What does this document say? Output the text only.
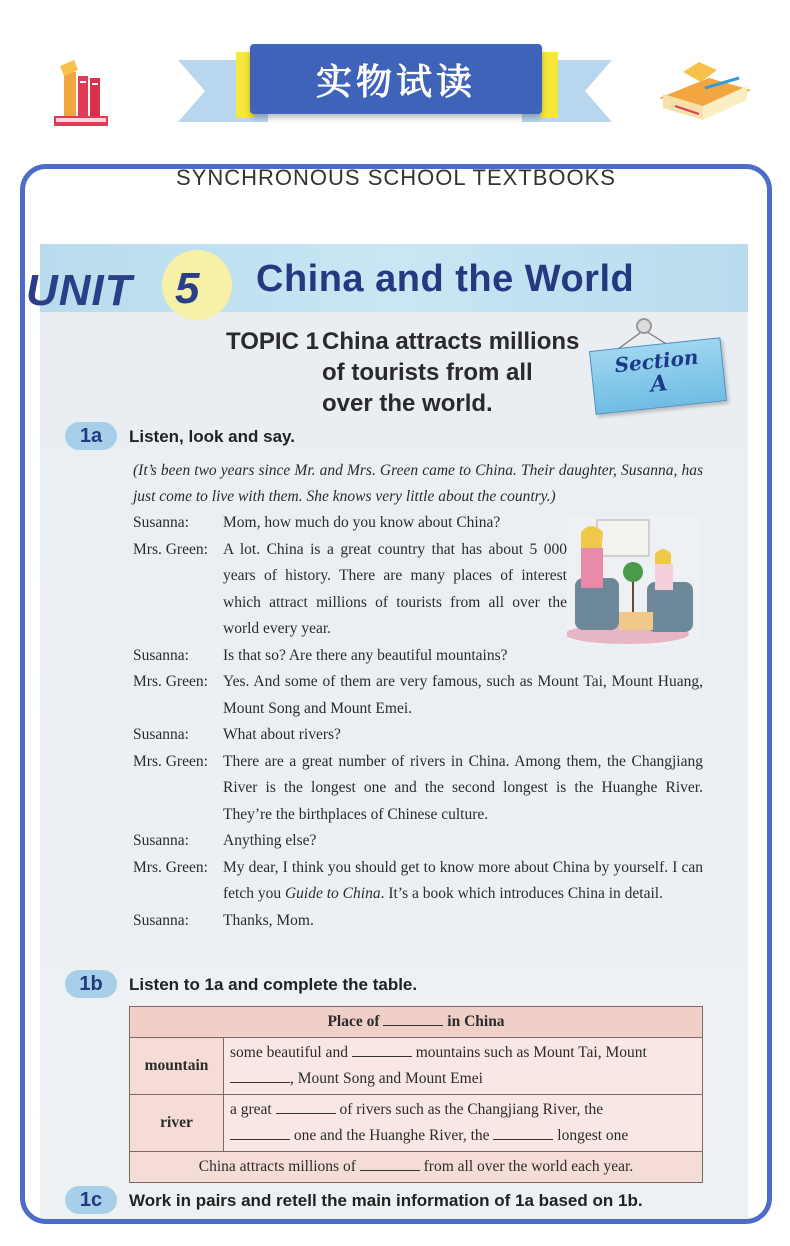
实物试读
SYNCHRONOUS SCHOOL TEXTBOOKS
UNIT 5 China and the World
TOPIC 1 China attracts millions of tourists from all over the world.
Section
A
1a	Listen, look and say.
(It’s been two years since Mr. and Mrs. Green came to China. Their daughter, Susanna, has just come to live with them. She knows very little about the country.)
Susanna:	Mom, how much do you know about China?
Mrs. Green: A lot. China is a great country that has about 5 000 years of history. There are many places of interest which attract millions of tourists from all over the world every year.
Susanna:	Is that so? Are there any beautiful mountains?
Mrs. Green: Yes. And some of them are very famous, such as Mount Tai, Mount Huang, Mount Song and Mount Emei.
Susanna:	What about rivers?
Mrs. Green: There are a great number of rivers in China. Among them, the Changjiang River is the longest one and the second longest is the Huanghe River. They’re the birthplaces of Chinese culture.
Susanna:	Anything else?
Mrs. Green: My dear, I think you should get to know more about China by yourself. I can fetch you Guide to China. It’s a book which introduces China in detail.
Susanna:	Thanks, Mom.
1b	Listen to 1a and complete the table.
Place of in China	
mountain	some beautiful and mountains such as Mount Tai, Mount
, Mount Song and Mount Emei
river	a great of rivers such as the Changjiang River, the
one and the Huanghe River, the longest one
China attracts millions of from all over the world each year.	
1c	Work in pairs and retell the main information of 1a based on 1b.
